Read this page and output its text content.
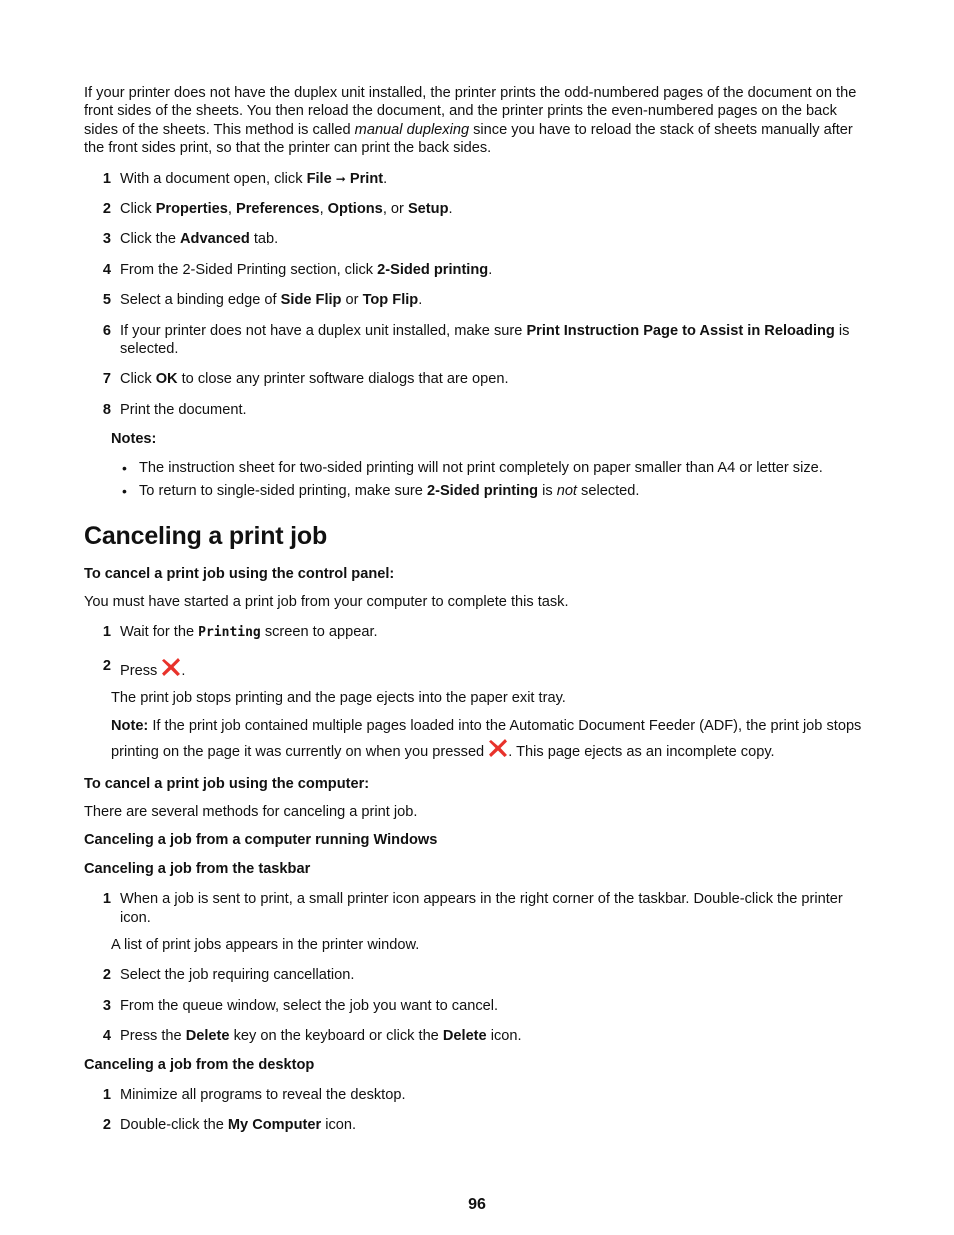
If your printer does not have the duplex unit installed, the printer prints the odd-numbered pages of the document on the front sides of the sheets. You then reload the document, and the printer prints the even-numbered pages on the back sides of the sheets. This method is called manual duplexing since you have to reload the stack of sheets manually after the front sides print, so that the printer can print the back sides.

1 With a document open, click File ➞ Print.
2 Click Properties, Preferences, Options, or Setup.
3 Click the Advanced tab.
4 From the 2-Sided Printing section, click 2-Sided printing.
5 Select a binding edge of Side Flip or Top Flip.
6 If your printer does not have a duplex unit installed, make sure Print Instruction Page to Assist in Reloading is selected.
7 Click OK to close any printer software dialogs that are open.
8 Print the document.

Notes:

• The instruction sheet for two-sided printing will not print completely on paper smaller than A4 or letter size.
• To return to single-sided printing, make sure 2-Sided printing is not selected.
Canceling a print job
To cancel a print job using the control panel:

You must have started a print job from your computer to complete this task.

1 Wait for the Printing screen to appear.
2 Press .

The print job stops printing and the page ejects into the paper exit tray.

Note: If the print job contained multiple pages loaded into the Automatic Document Feeder (ADF), the print job stops printing on the page it was currently on when you pressed . This page ejects as an incomplete copy.

To cancel a print job using the computer:

There are several methods for canceling a print job.

Canceling a job from a computer running Windows
Canceling a job from the taskbar
1 When a job is sent to print, a small printer icon appears in the right corner of the taskbar. Double-click the printer icon.

A list of print jobs appears in the printer window.

2 Select the job requiring cancellation.
3 From the queue window, select the job you want to cancel.
4 Press the Delete key on the keyboard or click the Delete icon.
Canceling a job from the desktop
1 Minimize all programs to reveal the desktop.
2 Double-click the My Computer icon.
96
